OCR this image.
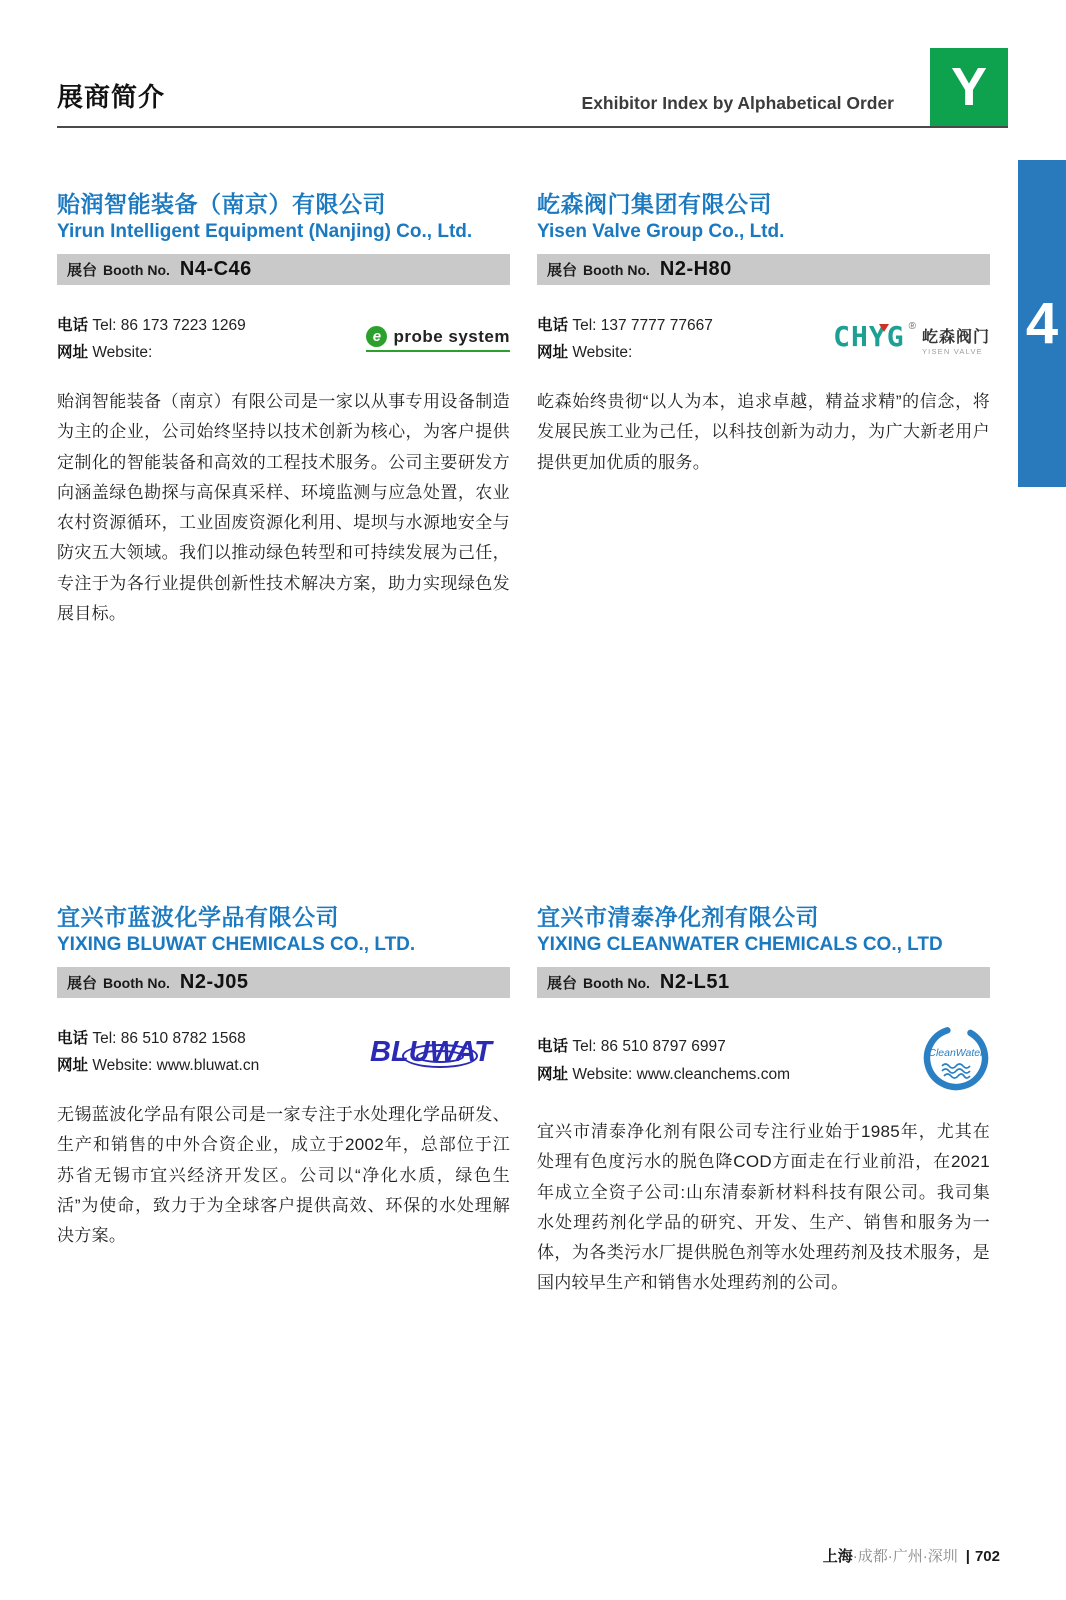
展商简介	Exhibitor Index by Alphabetical Order	Y
4
贻润智能装备（南京）有限公司
Yirun Intelligent Equipment (Nanjing) Co., Ltd.
展台 Booth No. N4-C46
电话 Tel: 86 173 7223 1269
网址 Website:
e probe system

贻润智能装备（南京）有限公司是一家以从事专用设备制造为主的企业，公司始终坚持以技术创新为核心，为客户提供定制化的智能装备和高效的工程技术服务。公司主要研发方向涵盖绿色勘探与高保真采样、环境监测与应急处置，农业农村资源循环，工业固废资源化利用、堤坝与水源地安全与防灾五大领域。我们以推动绿色转型和可持续发展为己任，专注于为各行业提供创新性技术解决方案，助力实现绿色发展目标。

屹森阀门集团有限公司
Yisen Valve Group Co., Ltd.
展台 Booth No. N2-H80
电话 Tel: 137 7777 77667
网址 Website:	CHYG ®
屹森阀门
YISEN VALVE

屹森始终贵彻“以人为本，追求卓越，精益求精”的信念，将发展民族工业为己任，以科技创新为动力，为广大新老用户提供更加优质的服务。

宜兴市蓝波化学品有限公司
YIXING BLUWAT CHEMICALS CO., LTD.
展台 Booth No. N2-J05
电话 Tel: 86 510 8782 1568
网址 Website: www.bluwat.cn	BLUWAT

无锡蓝波化学品有限公司是一家专注于水处理化学品研发、生产和销售的中外合资企业，成立于2002年，总部位于江苏省无锡市宜兴经济开发区。公司以“净化水质，绿色生活”为使命，致力于为全球客户提供高效、环保的水处理解决方案。

宜兴市清泰净化剂有限公司
YIXING CLEANWATER CHEMICALS CO., LTD
展台 Booth No. N2-L51
电话 Tel: 86 510 8797 6997
网址 Website: www.cleanchems.com
CleanWater

宜兴市清泰净化剂有限公司专注行业始于1985年，尤其在处理有色度污水的脱色降COD方面走在行业前沿，在2021年成立全资子公司:山东清泰新材料科技有限公司。我司集水处理药剂化学品的研究、开发、生产、销售和服务为一体，为各类污水厂提供脱色剂等水处理药剂及技术服务，是国内较早生产和销售水处理药剂的公司。

上海·成都·广州·深圳 | 702
